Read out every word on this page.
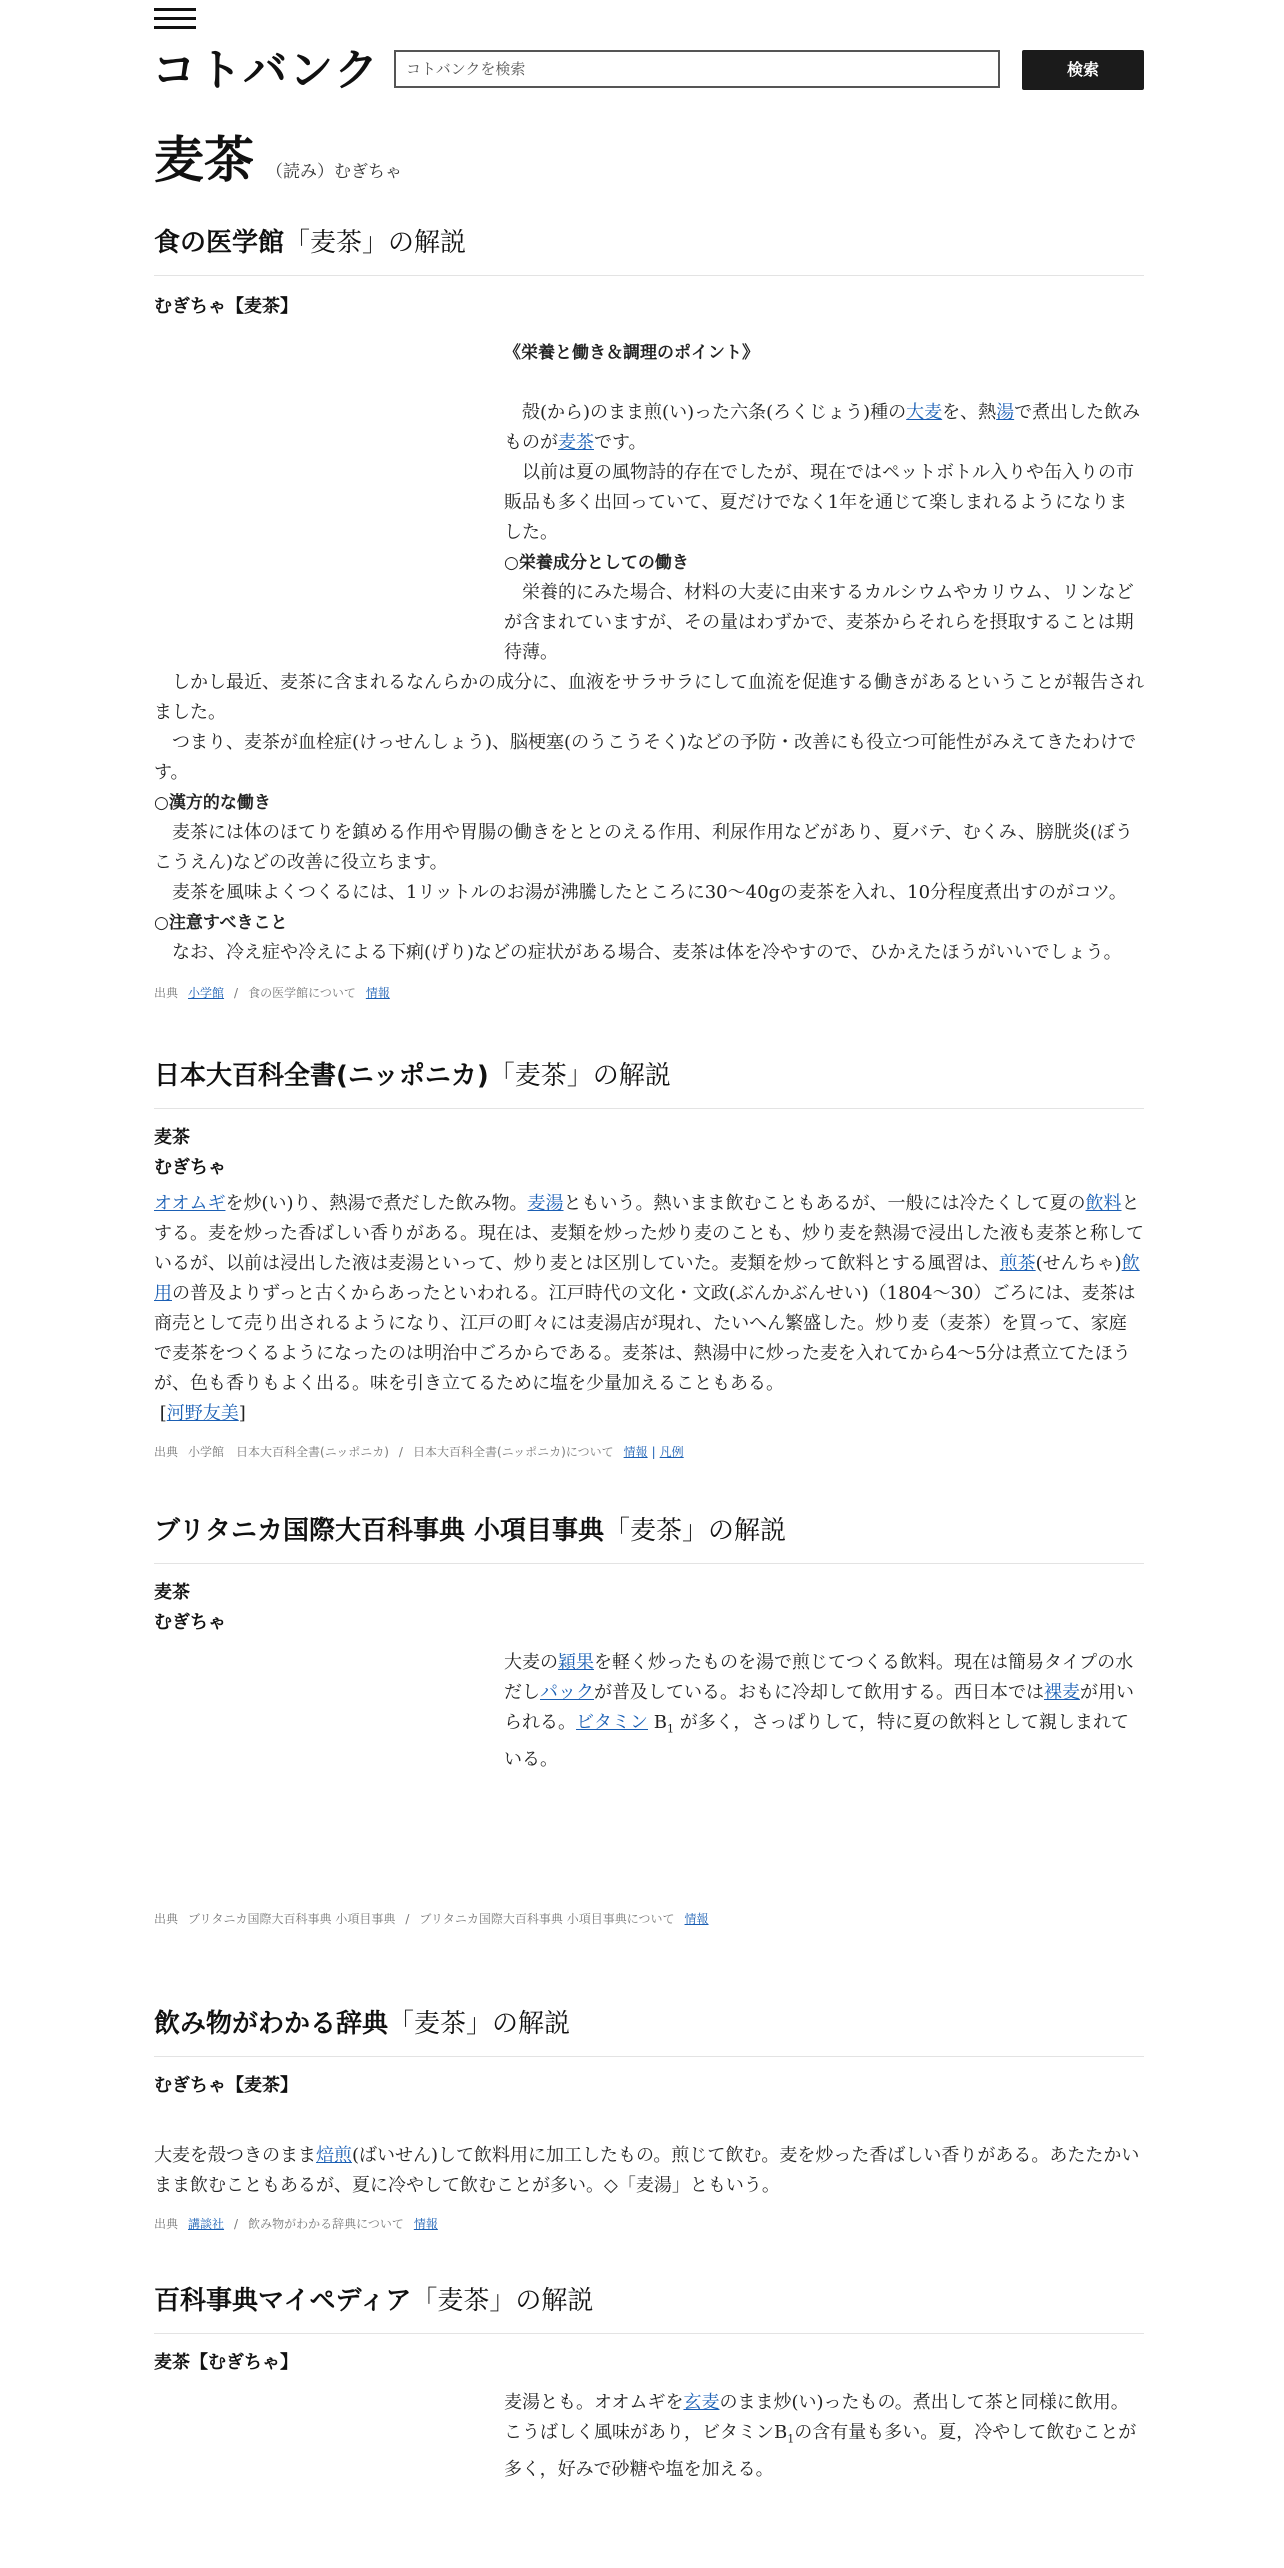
コトバンク	コトバンクを検索	検索
麦茶 （読み）むぎちゃ
食の医学館「麦茶」の解説
むぎちゃ【麦茶】

《栄養と働き＆調理のポイント》

　殻(から)のまま煎(い)った六条(ろくじょう)種の大麦を、熱湯で煮出した飲みものが麦茶です。

　以前は夏の風物詩的存在でしたが、現在ではペットボトル入りや缶入りの市販品も多く出回っていて、夏だけでなく1年を通じて楽しまれるようになりました。

○栄養成分としての働き

　栄養的にみた場合、材料の大麦に由来するカルシウムやカリウム、リンなどが含まれていますが、その量はわずかで、麦茶からそれらを摂取することは期待薄。

　しかし最近、麦茶に含まれるなんらかの成分に、血液をサラサラにして血流を促進する働きがあるということが報告されました。

　つまり、麦茶が血栓症(けっせんしょう)、脳梗塞(のうこうそく)などの予防・改善にも役立つ可能性がみえてきたわけです。

○漢方的な働き

　麦茶には体のほてりを鎮める作用や胃腸の働きをととのえる作用、利尿作用などがあり、夏バテ、むくみ、膀胱炎(ぼうこうえん)などの改善に役立ちます。

　麦茶を風味よくつくるには、1リットルのお湯が沸騰したところに30～40gの麦茶を入れ、10分程度煮出すのがコツ。

○注意すべきこと

　なお、冷え症や冷えによる下痢(げり)などの症状がある場合、麦茶は体を冷やすので、ひかえたほうがいいでしょう。

出典 小学館 / 食の医学館について 情報
日本大百科全書(ニッポニカ)「麦茶」の解説
麦茶
むぎちゃ

オオムギを炒(い)り、熱湯で煮だした飲み物。麦湯ともいう。熱いまま飲むこともあるが、一般には冷たくして夏の飲料とする。麦を炒った香ばしい香りがある。現在は、麦類を炒った炒り麦のことも、炒り麦を熱湯で浸出した液も麦茶と称しているが、以前は浸出した液は麦湯といって、炒り麦とは区別していた。麦類を炒って飲料とする風習は、煎茶(せんちゃ)飲用の普及よりずっと古くからあったといわれる。江戸時代の文化・文政(ぶんかぶんせい)（1804～30）ごろには、麦茶は商売として売り出されるようになり、江戸の町々には麦湯店が現れ、たいへん繁盛した。炒り麦（麦茶）を買って、家庭で麦茶をつくるようになったのは明治中ごろからである。麦茶は、熱湯中に炒った麦を入れてから4～5分は煮立てたほうが、色も香りもよく出る。味を引き立てるために塩を少量加えることもある。

[河野友美]

出典 小学館　日本大百科全書(ニッポニカ) / 日本大百科全書(ニッポニカ)について 情報 | 凡例
ブリタニカ国際大百科事典 小項目事典「麦茶」の解説
麦茶
むぎちゃ

大麦の穎果を軽く炒ったものを湯で煎じてつくる飲料。現在は簡易タイプの水だしパックが普及している。おもに冷却して飲用する。西日本では裸麦が用いられる。ビタミン $B_1$ が多く，さっぱりして，特に夏の飲料として親しまれている。

出典 ブリタニカ国際大百科事典 小項目事典 / ブリタニカ国際大百科事典 小項目事典について 情報
飲み物がわかる辞典「麦茶」の解説
むぎちゃ【麦茶】

大麦を殻つきのまま焙煎(ばいせん)して飲料用に加工したもの。煎じて飲む。麦を炒った香ばしい香りがある。あたたかいまま飲むこともあるが、夏に冷やして飲むことが多い。◇「麦湯」ともいう。

出典 講談社 / 飲み物がわかる辞典について 情報
百科事典マイペディア「麦茶」の解説
麦茶【むぎちゃ】

麦湯とも。オオムギを玄麦のまま炒(い)ったもの。煮出して茶と同様に飲用。こうばしく風味があり，ビタミン$B_1$の含有量も多い。夏，冷やして飲むことが多く，好みで砂糖や塩を加える。
